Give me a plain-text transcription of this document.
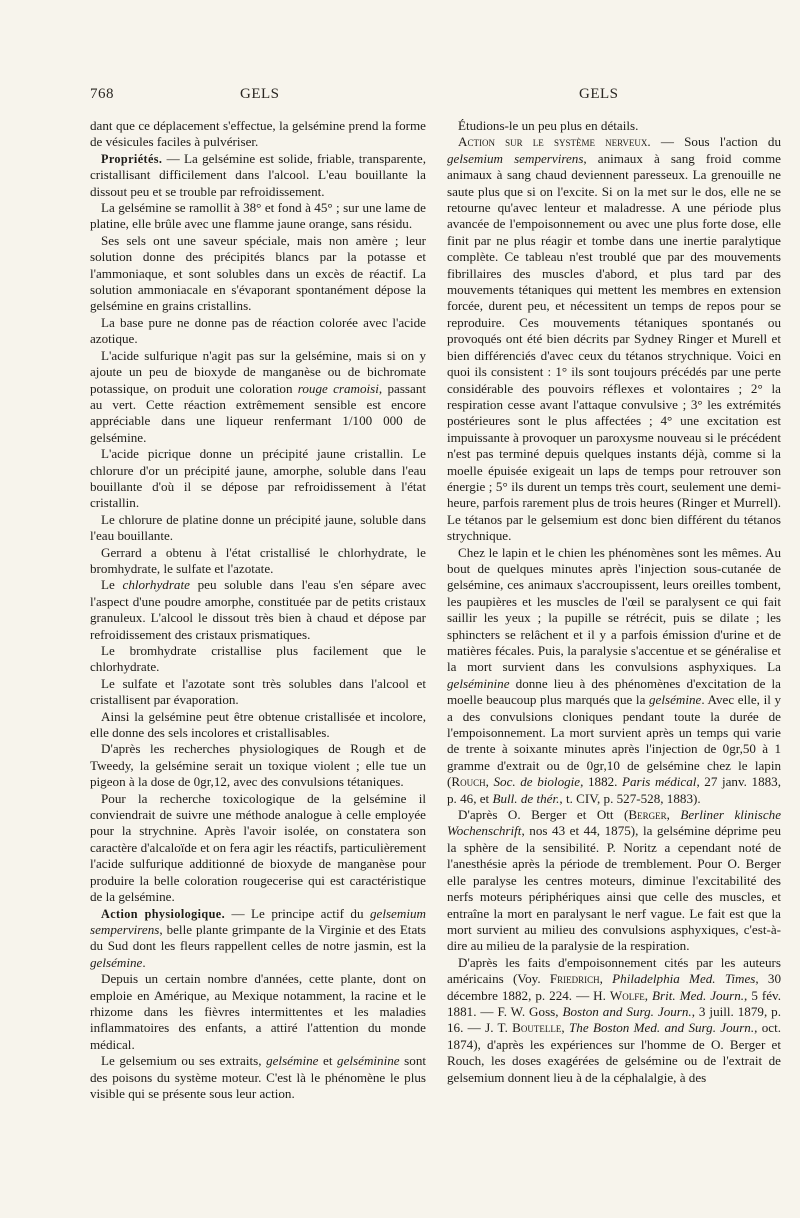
768	GELS	GELS

dant que ce déplacement s'effectue, la gelsémine prend la forme de vésicules faciles à pulvériser.

Propriétés. — La gelsémine est solide, friable, transparente, cristallisant difficilement dans l'alcool. L'eau bouillante la dissout peu et se trouble par refroidissement.

La gelsémine se ramollit à 38° et fond à 45° ; sur une lame de platine, elle brûle avec une flamme jaune orange, sans résidu.

Ses sels ont une saveur spéciale, mais non amère ; leur solution donne des précipités blancs par la potasse et l'ammoniaque, et sont solubles dans un excès de réactif. La solution ammoniacale en s'évaporant spontanément dépose la gelsémine en grains cristallins.

La base pure ne donne pas de réaction colorée avec l'acide azotique.

L'acide sulfurique n'agit pas sur la gelsémine, mais si on y ajoute un peu de bioxyde de manganèse ou de bichromate potassique, on produit une coloration rouge cramoisi, passant au vert. Cette réaction extrêmement sensible est encore appréciable dans une liqueur renfermant 1/100 000 de gelsémine.

L'acide picrique donne un précipité jaune cristallin. Le chlorure d'or un précipité jaune, amorphe, soluble dans l'eau bouillante d'où il se dépose par refroidissement à l'état cristallin.

Le chlorure de platine donne un précipité jaune, soluble dans l'eau bouillante.

Gerrard a obtenu à l'état cristallisé le chlorhydrate, le bromhydrate, le sulfate et l'azotate.

Le chlorhydrate peu soluble dans l'eau s'en sépare avec l'aspect d'une poudre amorphe, constituée par de petits cristaux granuleux. L'alcool le dissout très bien à chaud et dépose par refroidissement des cristaux prismatiques.

Le bromhydrate cristallise plus facilement que le chlorhydrate.

Le sulfate et l'azotate sont très solubles dans l'alcool et cristallisent par évaporation.

Ainsi la gelsémine peut être obtenue cristallisée et incolore, elle donne des sels incolores et cristallisables.

D'après les recherches physiologiques de Rough et de Tweedy, la gelsémine serait un toxique violent ; elle tue un pigeon à la dose de 0gr,12, avec des convulsions tétaniques.

Pour la recherche toxicologique de la gelsémine il conviendrait de suivre une méthode analogue à celle employée pour la strychnine. Après l'avoir isolée, on constatera son caractère d'alcaloïde et on fera agir les réactifs, particulièrement l'acide sulfurique additionné de bioxyde de manganèse pour produire la belle coloration rougecerise qui est caractéristique de la gelsémine.

Action physiologique. — Le principe actif du gelsemium sempervirens, belle plante grimpante de la Virginie et des Etats du Sud dont les fleurs rappellent celles de notre jasmin, est la gelsémine.

Depuis un certain nombre d'années, cette plante, dont on emploie en Amérique, au Mexique notamment, la racine et le rhizome dans les fièvres intermittentes et les maladies inflammatoires des enfants, a attiré l'attention du monde médical.

Le gelsemium ou ses extraits, gelsémine et gelséminine sont des poisons du système moteur. C'est là le phénomène le plus visible qui se présente sous leur action.

Étudions-le un peu plus en détails.

Action sur le système nerveux. — Sous l'action du gelsemium sempervirens, animaux à sang froid comme animaux à sang chaud deviennent paresseux. La grenouille ne saute plus que si on l'excite. Si on la met sur le dos, elle ne se retourne qu'avec lenteur et maladresse. A une période plus avancée de l'empoisonnement ou avec une plus forte dose, elle finit par ne plus réagir et tombe dans une inertie paralytique complète. Ce tableau n'est troublé que par des mouvements fibrillaires des muscles d'abord, et plus tard par des mouvements tétaniques qui mettent les membres en extension forcée, durent peu, et nécessitent un temps de repos pour se reproduire. Ces mouvements tétaniques spontanés ou provoqués ont été bien décrits par Sydney Ringer et Murell et bien différenciés d'avec ceux du tétanos strychnique. Voici en quoi ils consistent : 1° ils sont toujours précédés par une perte considérable des pouvoirs réflexes et volontaires ; 2° la respiration cesse avant l'attaque convulsive ; 3° les extrémités postérieures sont le plus affectées ; 4° une excitation est impuissante à provoquer un paroxysme nouveau si le précédent n'est pas terminé depuis quelques instants déjà, comme si la moelle épuisée exigeait un laps de temps pour retrouver son énergie ; 5° ils durent un temps très court, seulement une demi-heure, parfois rarement plus de trois heures (Ringer et Murrell). Le tétanos par le gelsemium est donc bien différent du tétanos strychnique.

Chez le lapin et le chien les phénomènes sont les mêmes. Au bout de quelques minutes après l'injection sous-cutanée de gelsémine, ces animaux s'accroupissent, leurs oreilles tombent, les paupières et les muscles de l'œil se paralysent ce qui fait saillir les yeux ; la pupille se rétrécit, puis se dilate ; les sphincters se relâchent et il y a parfois émission d'urine et de matières fécales. Puis, la paralysie s'accentue et se généralise et la mort survient dans les convulsions asphyxiques. La gelséminine donne lieu à des phénomènes d'excitation de la moelle beaucoup plus marqués que la gelsémine. Avec elle, il y a des convulsions cloniques pendant toute la durée de l'empoisonnement. La mort survient après un temps qui varie de trente à soixante minutes après l'injection de 0gr,50 à 1 gramme d'extrait ou de 0gr,10 de gelsémine chez le lapin (Rouch, Soc. de biologie, 1882. Paris médical, 27 janv. 1883, p. 46, et Bull. de thér., t. CIV, p. 527-528, 1883).

D'après O. Berger et Ott (Berger, Berliner klinische Wochenschrift, nos 43 et 44, 1875), la gelsémine déprime peu la sphère de la sensibilité. P. Noritz a cependant noté de l'anesthésie après la période de tremblement. Pour O. Berger elle paralyse les centres moteurs, diminue l'excitabilité des nerfs moteurs périphériques ainsi que celle des muscles, et entraîne la mort en paralysant le nerf vague. Le fait est que la mort survient au milieu des convulsions asphyxiques, c'est-à-dire au milieu de la paralysie de la respiration.

D'après les faits d'empoisonnement cités par les auteurs américains (Voy. Friedrich, Philadelphia Med. Times, 30 décembre 1882, p. 224. — H. Wolfe, Brit. Med. Journ., 5 fév. 1881. — F. W. Goss, Boston and Surg. Journ., 3 juill. 1879, p. 16. — J. T. Boutelle, The Boston Med. and Surg. Journ., oct. 1874), d'après les expériences sur l'homme de O. Berger et Rouch, les doses exagérées de gelsémine ou de l'extrait de gelsemium donnent lieu à de la céphalalgie, à des
